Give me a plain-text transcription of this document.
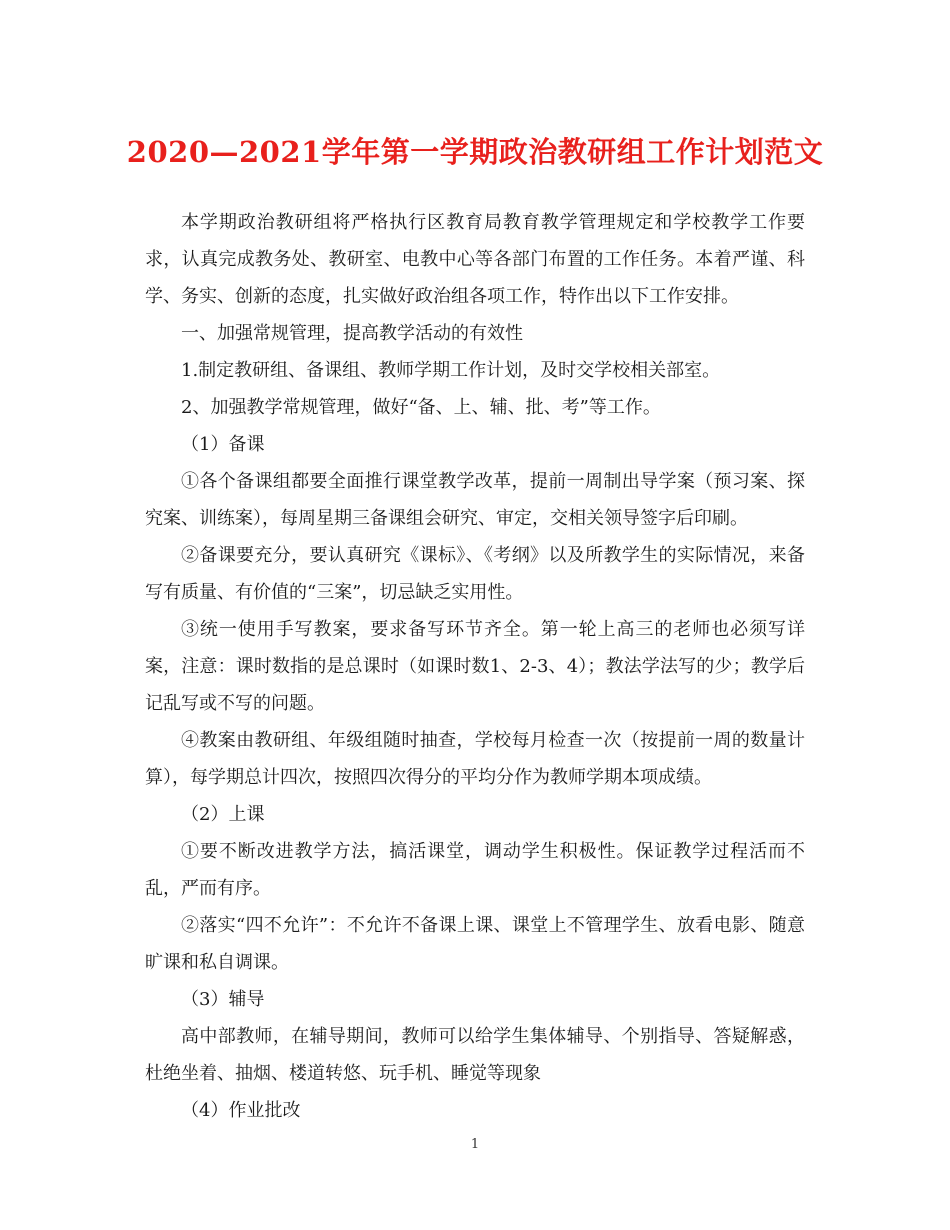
2020—2021学年第一学期政治教研组工作计划范文

本学期政治教研组将严格执行区教育局教育教学管理规定和学校教学工作要求，认真完成教务处、教研室、电教中心等各部门布置的工作任务。本着严谨、科学、务实、创新的态度，扎实做好政治组各项工作，特作出以下工作安排。

一、加强常规管理，提高教学活动的有效性

1.制定教研组、备课组、教师学期工作计划，及时交学校相关部室。

2、加强教学常规管理，做好“备、上、辅、批、考”等工作。

（1）备课

①各个备课组都要全面推行课堂教学改革，提前一周制出导学案（预习案、探究案、训练案），每周星期三备课组会研究、审定，交相关领导签字后印刷。

②备课要充分，要认真研究《课标》、《考纲》以及所教学生的实际情况，来备写有质量、有价值的“三案”，切忌缺乏实用性。

③统一使用手写教案，要求备写环节齐全。第一轮上高三的老师也必须写详案，注意：课时数指的是总课时（如课时数1、2-3、4）；教法学法写的少；教学后记乱写或不写的问题。

④教案由教研组、年级组随时抽查，学校每月检查一次（按提前一周的数量计算），每学期总计四次，按照四次得分的平均分作为教师学期本项成绩。

（2）上课

①要不断改进教学方法，搞活课堂，调动学生积极性。保证教学过程活而不乱，严而有序。

②落实“四不允许”：不允许不备课上课、课堂上不管理学生、放看电影、随意旷课和私自调课。

（3）辅导

高中部教师，在辅导期间，教师可以给学生集体辅导、个别指导、答疑解惑，杜绝坐着、抽烟、楼道转悠、玩手机、睡觉等现象

（4）作业批改

1
